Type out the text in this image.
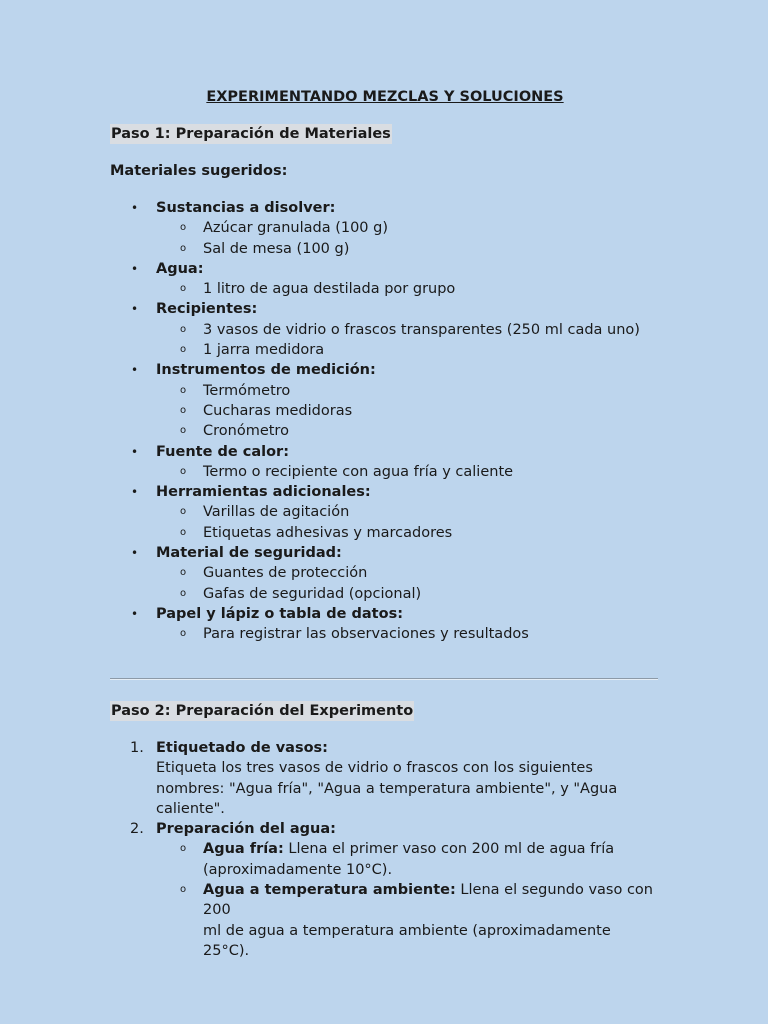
EXPERIMENTANDO MEZCLAS Y SOLUCIONES

Paso 1: Preparación de Materiales
Materiales sugeridos:
• Sustancias a disolver:
o Azúcar granulada (100 g)
o Sal de mesa (100 g)
• Agua:
o 1 litro de agua destilada por grupo
• Recipientes:
o 3 vasos de vidrio o frascos transparentes (250 ml cada uno)
o 1 jarra medidora
• Instrumentos de medición:
o Termómetro
o Cucharas medidoras
o Cronómetro
• Fuente de calor:
o Termo o recipiente con agua fría y caliente
• Herramientas adicionales:
o Varillas de agitación
o Etiquetas adhesivas y marcadores
• Material de seguridad:
o Guantes de protección
o Gafas de seguridad (opcional)
• Papel y lápiz o tabla de datos:
o Para registrar las observaciones y resultados
Paso 2: Preparación del Experimento
1. Etiquetado de vasos:
Etiqueta los tres vasos de vidrio o frascos con los siguientes
nombres: "Agua fría", "Agua a temperatura ambiente", y "Agua
caliente".
2. Preparación del agua:
o Agua fría: Llena el primer vaso con 200 ml de agua fría
(aproximadamente 10°C).
o Agua a temperatura ambiente: Llena el segundo vaso con 200
ml de agua a temperatura ambiente (aproximadamente 25°C).
